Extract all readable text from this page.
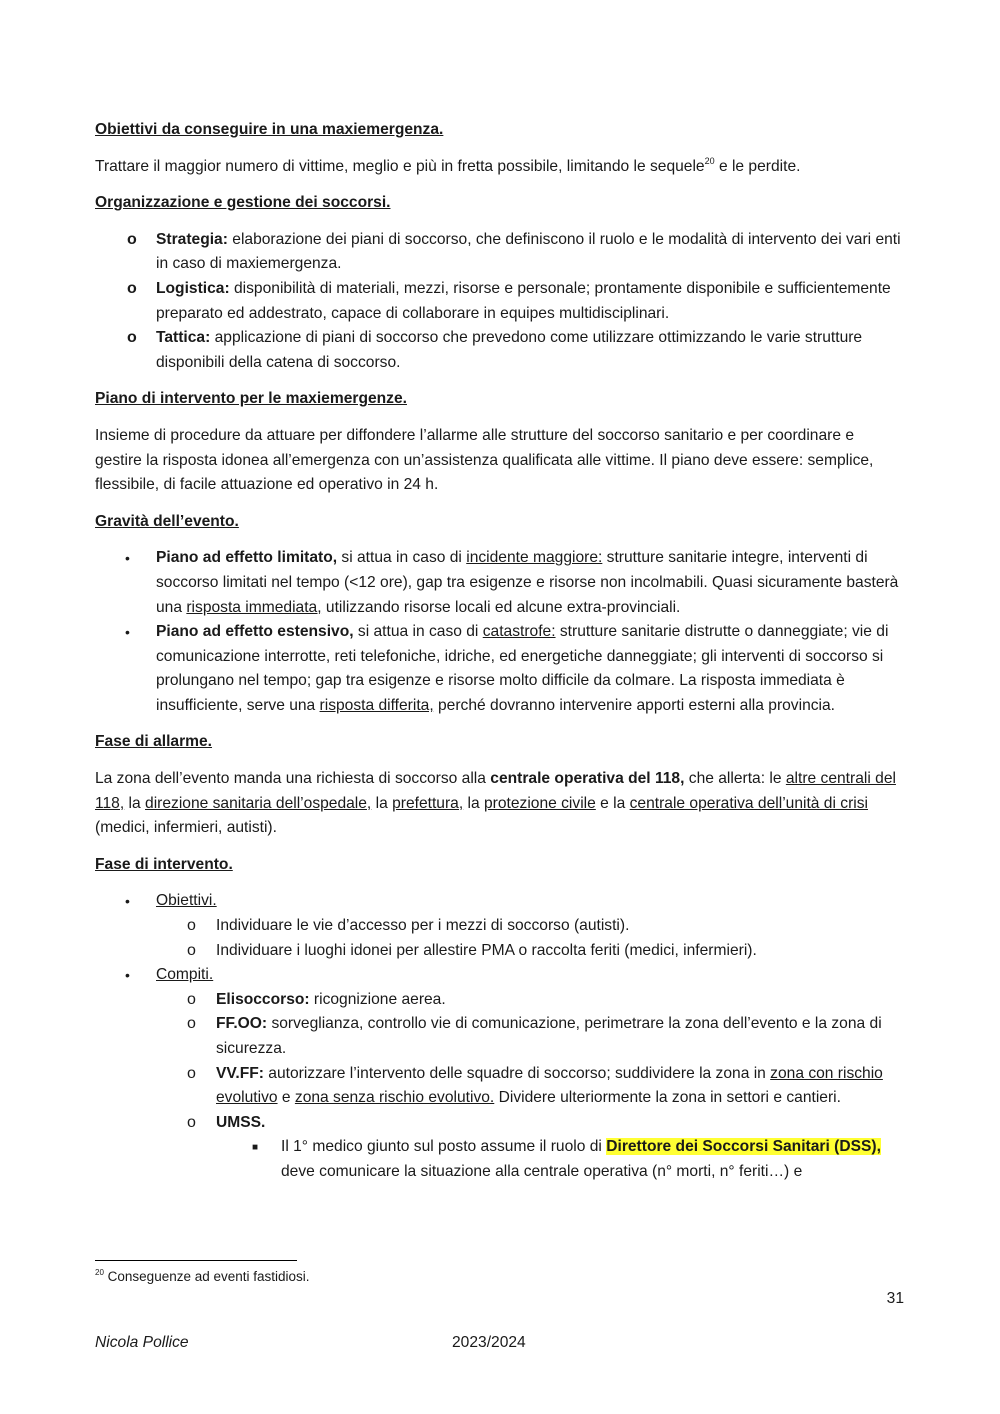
Obiettivi da conseguire in una maxiemergenza.

Trattare il maggior numero di vittime, meglio e più in fretta possibile, limitando le sequele$^{20}$ e le perdite.

Organizzazione e gestione dei soccorsi.

o Strategia: elaborazione dei piani di soccorso, che definiscono il ruolo e le modalità di intervento dei vari enti in caso di maxiemergenza.
o Logistica: disponibilità di materiali, mezzi, risorse e personale; prontamente disponibile e sufficientemente preparato ed addestrato, capace di collaborare in equipes multidisciplinari.
o Tattica: applicazione di piani di soccorso che prevedono come utilizzare ottimizzando le varie strutture disponibili della catena di soccorso.

Piano di intervento per le maxiemergenze.

Insieme di procedure da attuare per diffondere l’allarme alle strutture del soccorso sanitario e per coordinare e gestire la risposta idonea all’emergenza con un’assistenza qualificata alle vittime. Il piano deve essere: semplice, flessibile, di facile attuazione ed operativo in 24 h.

Gravità dell’evento.

• Piano ad effetto limitato, si attua in caso di incidente maggiore: strutture sanitarie integre, interventi di soccorso limitati nel tempo (<12 ore), gap tra esigenze e risorse non incolmabili. Quasi sicuramente basterà una risposta immediata, utilizzando risorse locali ed alcune extra-provinciali.
• Piano ad effetto estensivo, si attua in caso di catastrofe: strutture sanitarie distrutte o danneggiate; vie di comunicazione interrotte, reti telefoniche, idriche, ed energetiche danneggiate; gli interventi di soccorso si prolungano nel tempo; gap tra esigenze e risorse molto difficile da colmare. La risposta immediata è insufficiente, serve una risposta differita, perché dovranno intervenire apporti esterni alla provincia.

Fase di allarme.

La zona dell’evento manda una richiesta di soccorso alla centrale operativa del 118, che allerta: le altre centrali del 118, la direzione sanitaria dell’ospedale, la prefettura, la protezione civile e la centrale operativa dell’unità di crisi (medici, infermieri, autisti).

Fase di intervento.

• Obiettivi.
o Individuare le vie d’accesso per i mezzi di soccorso (autisti).
o Individuare i luoghi idonei per allestire PMA o raccolta feriti (medici, infermieri).
• Compiti.
o Elisoccorso: ricognizione aerea.
o FF.OO: sorveglianza, controllo vie di comunicazione, perimetrare la zona dell’evento e la zona di sicurezza.
o VV.FF: autorizzare l’intervento delle squadre di soccorso; suddividere la zona in zona con rischio evolutivo e zona senza rischio evolutivo. Dividere ulteriormente la zona in settori e cantieri.
o UMSS.
■ Il 1° medico giunto sul posto assume il ruolo di Direttore dei Soccorsi Sanitari (DSS), deve comunicare la situazione alla centrale operativa (n° morti, n° feriti…) e
$^{20}$ Conseguenze ad eventi fastidiosi.
31
Nicola Pollice	2023/2024
